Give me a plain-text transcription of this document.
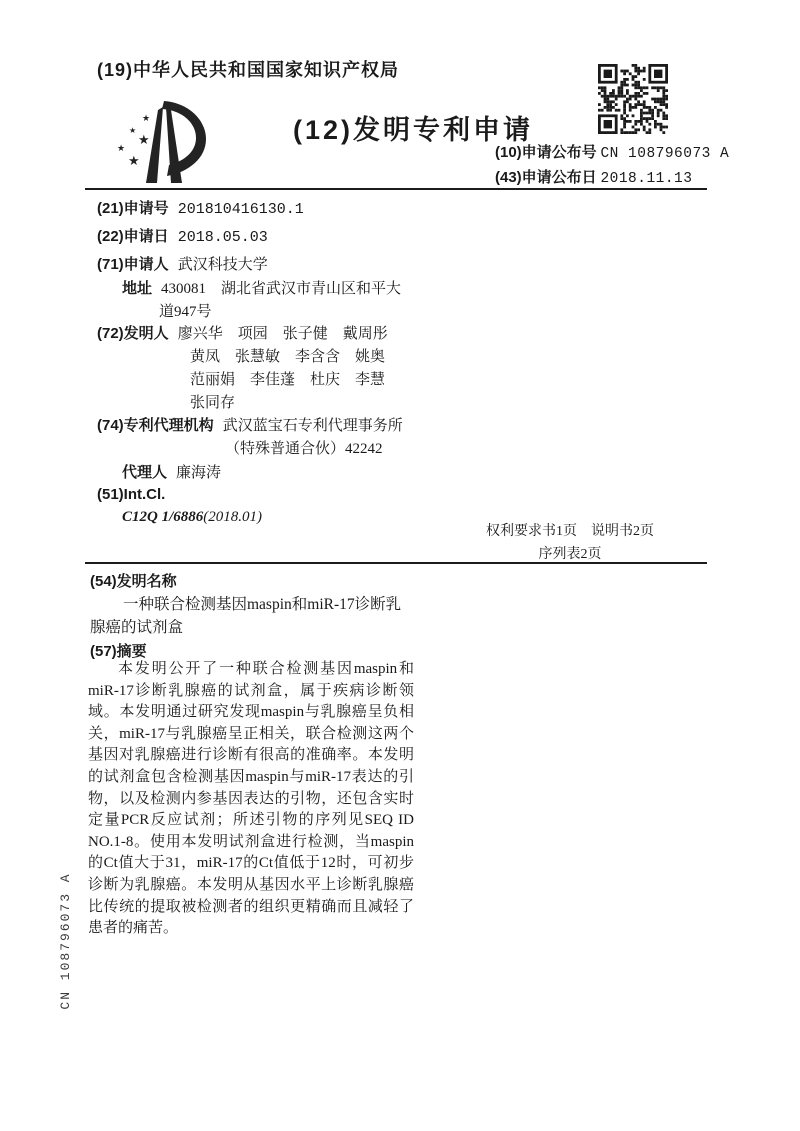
(19)中华人民共和国国家知识产权局
★
★
★
★
★
(12)发明专利申请
(10)申请公布号 CN 108796073 A
(43)申请公布日 2018.11.13
(21)申请号 201810416130.1
(22)申请日 2018.05.03
(71)申请人 武汉科技大学
地址 430081　湖北省武汉市青山区和平大
道947号
(72)发明人 廖兴华　项园　张子健　戴周彤
黄凤　张慧敏　李含含　姚奥
范丽娟　李佳蓬　杜庆　李慧
张同存
(74)专利代理机构 武汉蓝宝石专利代理事务所
（特殊普通合伙）42242
代理人 廉海涛
(51)Int.Cl.
C12Q 1/6886(2018.01)
权利要求书1页　说明书2页
序列表2页
(54)发明名称
一种联合检测基因maspin和miR-17诊断乳
腺癌的试剂盒
(57)摘要
本发明公开了一种联合检测基因maspin和miR-17诊断乳腺癌的试剂盒，属于疾病诊断领域。本发明通过研究发现maspin与乳腺癌呈负相关，miR-17与乳腺癌呈正相关，联合检测这两个基因对乳腺癌进行诊断有很高的准确率。本发明的试剂盒包含检测基因maspin与miR-17表达的引物，以及检测内参基因表达的引物，还包含实时定量PCR反应试剂；所述引物的序列见SEQ ID NO.1-8。使用本发明试剂盒进行检测，当maspin的Ct值大于31，miR-17的Ct值低于12时，可初步诊断为乳腺癌。本发明从基因水平上诊断乳腺癌比传统的提取被检测者的组织更精确而且减轻了患者的痛苦。
CN 108796073 A
